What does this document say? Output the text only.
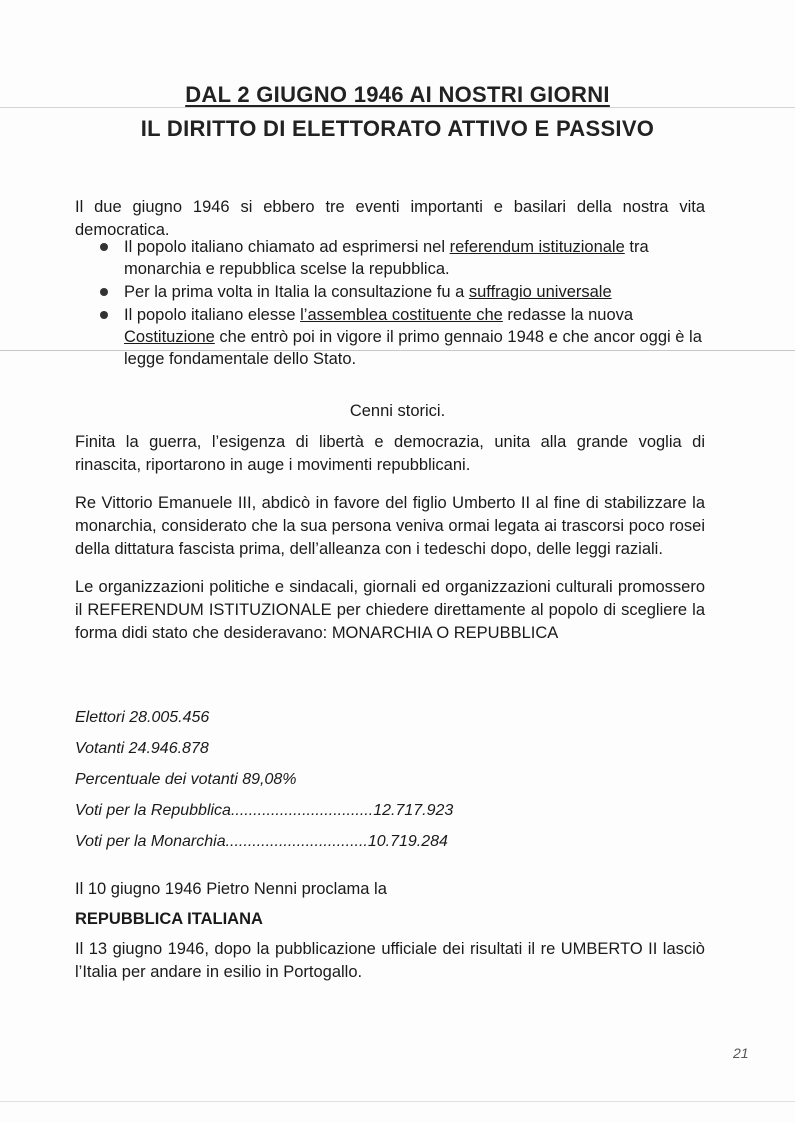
DAL 2 GIUGNO 1946 AI NOSTRI GIORNI
IL DIRITTO DI ELETTORATO ATTIVO E PASSIVO
Il due giugno 1946 si ebbero tre eventi importanti e basilari della nostra vita democratica.
Il popolo italiano chiamato ad esprimersi nel referendum istituzionale tra monarchia e repubblica scelse la repubblica.
Per la prima volta in Italia la consultazione fu a suffragio universale
Il popolo italiano elesse l’assemblea costituente che redasse la nuova Costituzione che entrò poi in vigore il primo gennaio 1948 e che ancor oggi è la legge fondamentale dello Stato.
Cenni storici.
Finita la guerra, l’esigenza di libertà e democrazia, unita alla grande voglia di rinascita, riportarono in auge i movimenti repubblicani.
Re Vittorio Emanuele III, abdicò in favore del figlio Umberto II al fine di stabilizzare la monarchia, considerato che la sua persona veniva ormai legata ai trascorsi poco rosei della dittatura fascista prima, dell’alleanza con i tedeschi dopo, delle leggi raziali.
Le organizzazioni politiche e sindacali, giornali ed organizzazioni culturali promossero il REFERENDUM ISTITUZIONALE per chiedere direttamente al popolo di scegliere la forma didi stato che desideravano: MONARCHIA O REPUBBLICA
Elettori 28.005.456
Votanti 24.946.878
Percentuale dei votanti 89,08%
Voti per la Repubblica................................12.717.923
Voti per la Monarchia................................10.719.284
Il 10 giugno 1946 Pietro Nenni proclama la
REPUBBLICA ITALIANA
Il 13 giugno 1946, dopo la pubblicazione ufficiale dei risultati il re UMBERTO II lasciò l’Italia per andare in esilio in Portogallo.
21
